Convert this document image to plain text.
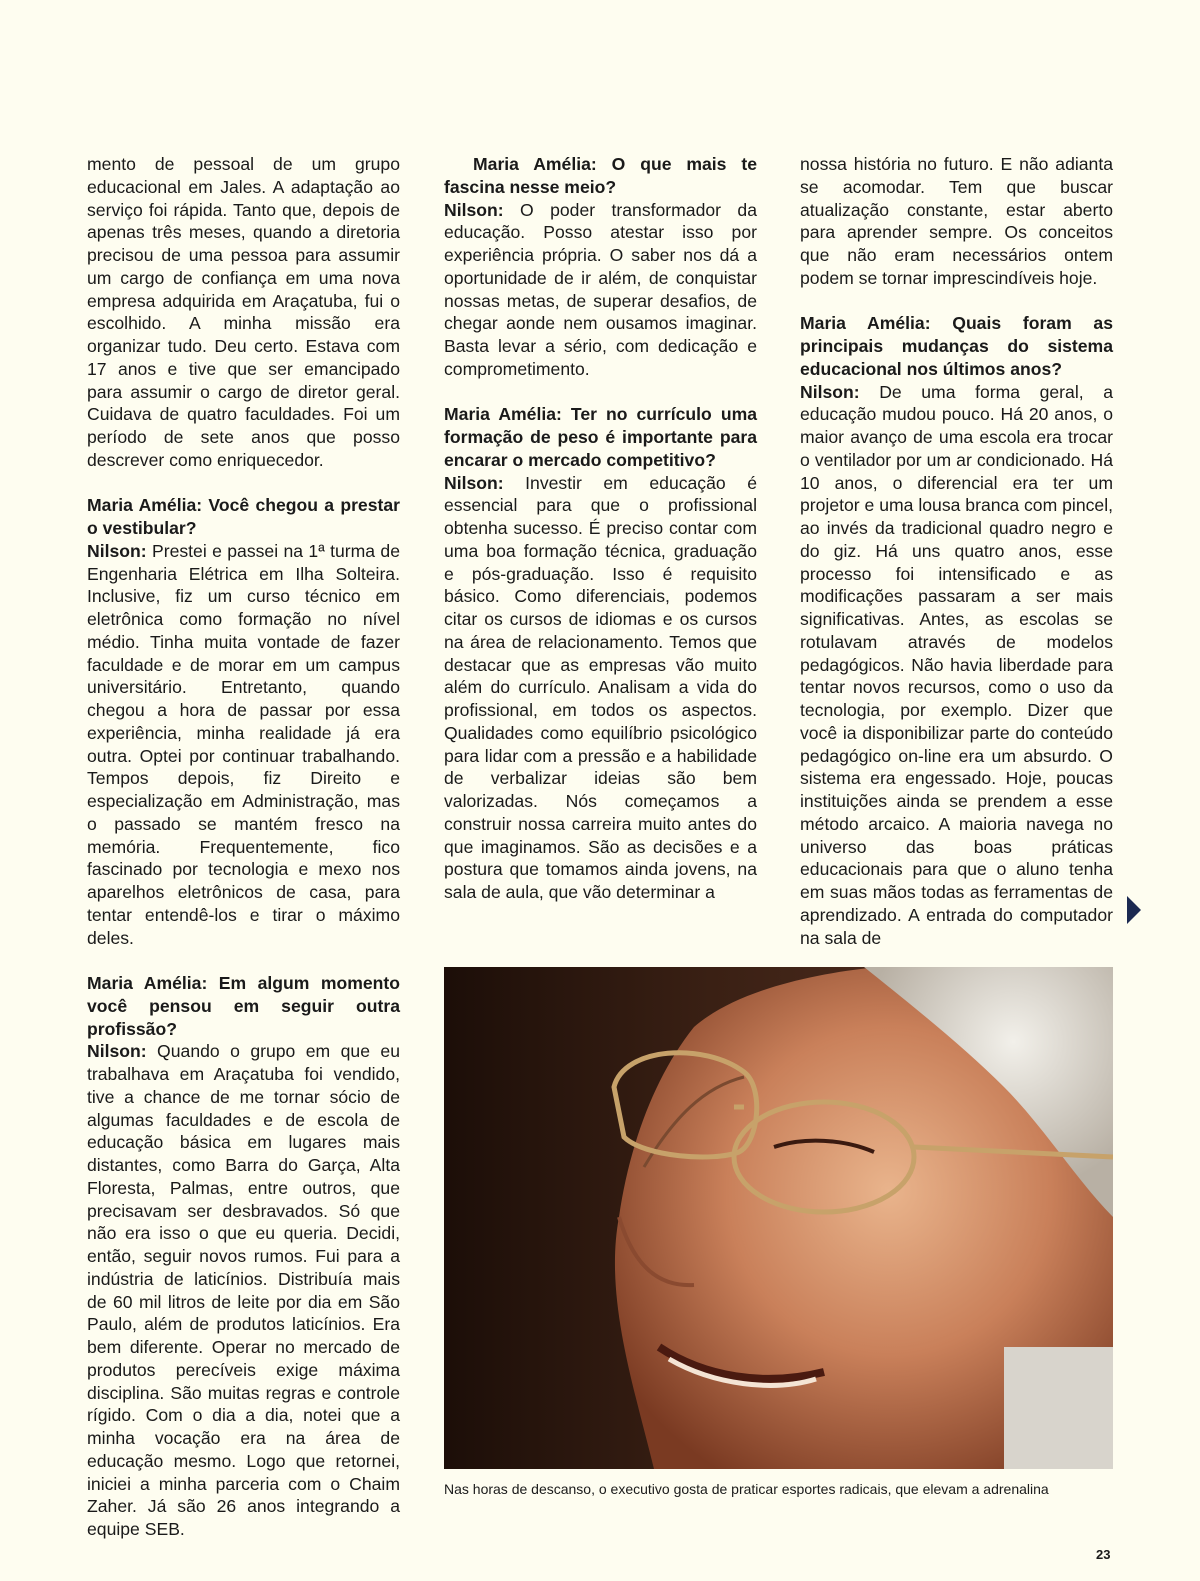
mento de pessoal de um grupo educacional em Jales. A adaptação ao serviço foi rápida. Tanto que, depois de apenas três meses, quando a diretoria precisou de uma pessoa para assumir um cargo de confiança em uma nova empresa adquirida em Araçatuba, fui o escolhido. A minha missão era organizar tudo. Deu certo. Estava com 17 anos e tive que ser emancipado para assumir o cargo de diretor geral. Cuidava de quatro faculdades. Foi um período de sete anos que posso descrever como enriquecedor.

Maria Amélia: Você chegou a prestar o vestibular?

Nilson: Prestei e passei na 1ª turma de Engenharia Elétrica em Ilha Solteira. Inclusive, fiz um curso técnico em eletrônica como formação no nível médio. Tinha muita vontade de fazer faculdade e de morar em um campus universitário. Entretanto, quando chegou a hora de passar por essa experiência, minha realidade já era outra. Optei por continuar trabalhando. Tempos depois, fiz Direito e especialização em Administração, mas o passado se mantém fresco na memória. Frequentemente, fico fascinado por tecnologia e mexo nos aparelhos eletrônicos de casa, para tentar entendê-los e tirar o máximo deles.

Maria Amélia: Em algum momento você pensou em seguir outra profissão?

Nilson: Quando o grupo em que eu trabalhava em Araçatuba foi vendido, tive a chance de me tornar sócio de algumas faculdades e de escola de educação básica em lugares mais distantes, como Barra do Garça, Alta Floresta, Palmas, entre outros, que precisavam ser desbravados. Só que não era isso o que eu queria. Decidi, então, seguir novos rumos. Fui para a indústria de laticínios. Distribuía mais de 60 mil litros de leite por dia em São Paulo, além de produtos laticínios. Era bem diferente. Operar no mercado de produtos perecíveis exige máxima disciplina. São muitas regras e controle rígido. Com o dia a dia, notei que a minha vocação era na área de educação mesmo. Logo que retornei, iniciei a minha parceria com o Chaim Zaher. Já são 26 anos integrando a equipe SEB.

Maria Amélia: O que mais te fascina nesse meio?

Nilson: O poder transformador da educação. Posso atestar isso por experiência própria. O saber nos dá a oportunidade de ir além, de conquistar nossas metas, de superar desafios, de chegar aonde nem ousamos imaginar. Basta levar a sério, com dedicação e comprometimento.

Maria Amélia: Ter no currículo uma formação de peso é importante para encarar o mercado competitivo?

Nilson: Investir em educação é essencial para que o profissional obtenha sucesso. É preciso contar com uma boa formação técnica, graduação e pós-graduação. Isso é requisito básico. Como diferenciais, podemos citar os cursos de idiomas e os cursos na área de relacionamento. Temos que destacar que as empresas vão muito além do currículo. Analisam a vida do profissional, em todos os aspectos. Qualidades como equilíbrio psicológico para lidar com a pressão e a habilidade de verbalizar ideias são bem valorizadas. Nós começamos a construir nossa carreira muito antes do que imaginamos. São as decisões e a postura que tomamos ainda jovens, na sala de aula, que vão determinar a

nossa história no futuro. E não adianta se acomodar. Tem que buscar atualização constante, estar aberto para aprender sempre. Os conceitos que não eram necessários ontem podem se tornar imprescindíveis hoje.

Maria Amélia: Quais foram as principais mudanças do sistema educacional nos últimos anos?

Nilson: De uma forma geral, a educação mudou pouco. Há 20 anos, o maior avanço de uma escola era trocar o ventilador por um ar condicionado. Há 10 anos, o diferencial era ter um projetor e uma lousa branca com pincel, ao invés da tradicional quadro negro e do giz. Há uns quatro anos, esse processo foi intensificado e as modificações passaram a ser mais significativas. Antes, as escolas se rotulavam através de modelos pedagógicos. Não havia liberdade para tentar novos recursos, como o uso da tecnologia, por exemplo. Dizer que você ia disponibilizar parte do conteúdo pedagógico on-line era um absurdo. O sistema era engessado. Hoje, poucas instituições ainda se prendem a esse método arcaico. A maioria navega no universo das boas práticas educacionais para que o aluno tenha em suas mãos todas as ferramentas de aprendizado. A entrada do computador na sala de

Nas horas de descanso, o executivo gosta de praticar esportes radicais, que elevam a adrenalina
23
